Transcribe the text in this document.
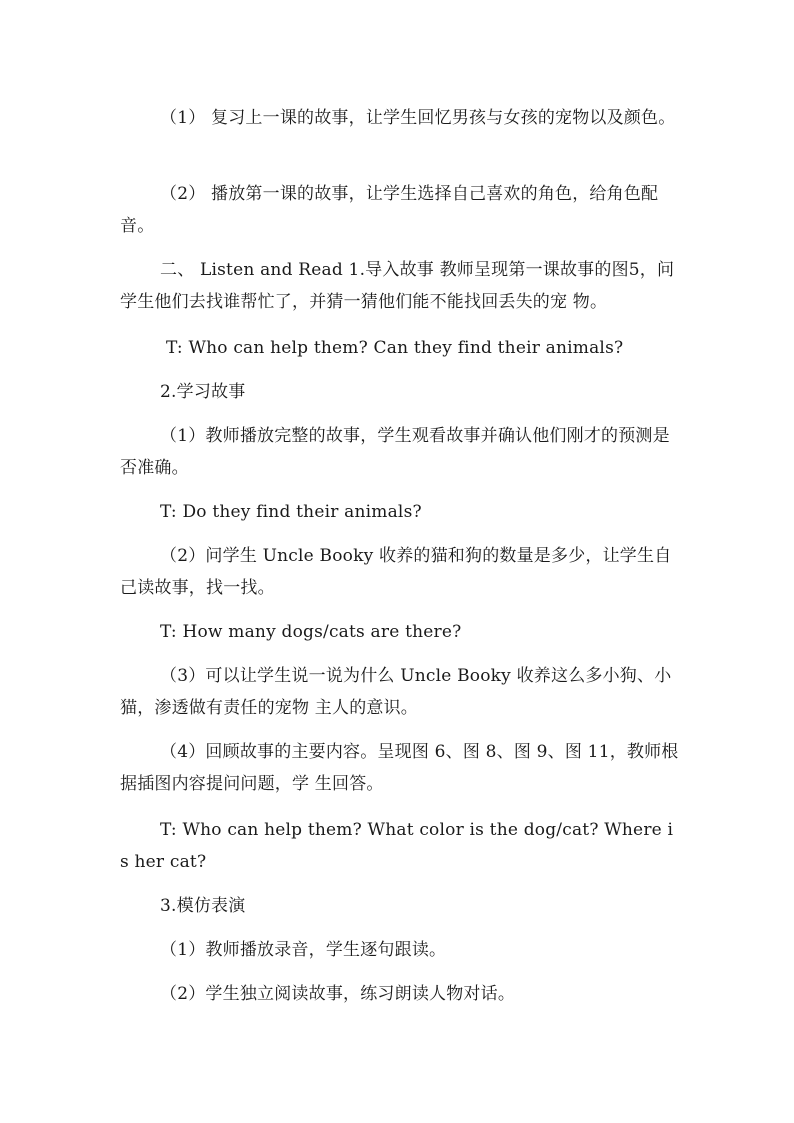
（1） 复习上一课的故事，让学生回忆男孩与女孩的宠物以及颜色。

（2） 播放第一课的故事，让学生选择自己喜欢的角色，给角色配音。

二、 Listen and Read 1.导入故事 教师呈现第一课故事的图5，问学生他们去找谁帮忙了，并猜一猜他们能不能找回丢失的宠 物。

T: Who can help them? Can they find their animals?

2.学习故事

（1）教师播放完整的故事，学生观看故事并确认他们刚才的预测是否准确。

T: Do they find their animals?

（2）问学生 Uncle Booky 收养的猫和狗的数量是多少，让学生自己读故事，找一找。

T: How many dogs/cats are there?

（3）可以让学生说一说为什么 Uncle Booky 收养这么多小狗、小猫，渗透做有责任的宠物 主人的意识。

（4）回顾故事的主要内容。呈现图 6、图 8、图 9、图 11，教师根据插图内容提问问题，学 生回答。

T: Who can help them? What color is the dog/cat? Where is her cat?

3.模仿表演

（1）教师播放录音，学生逐句跟读。

（2）学生独立阅读故事，练习朗读人物对话。
